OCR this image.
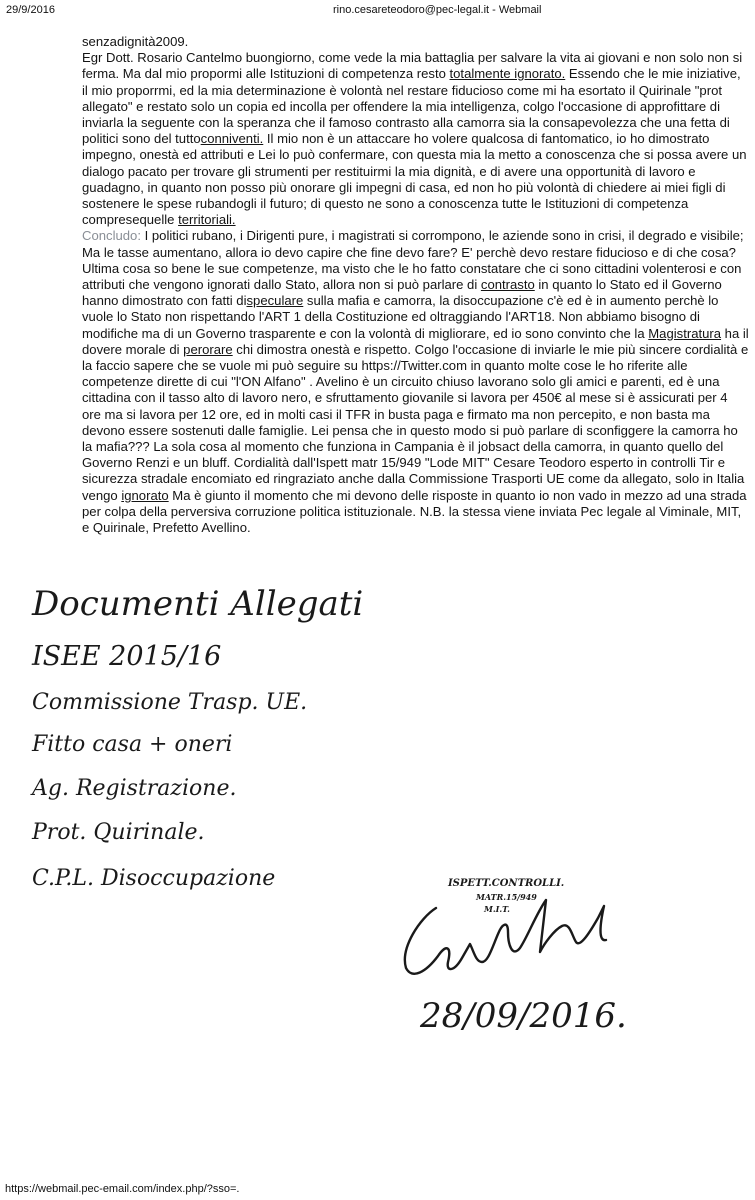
29/9/2016	rino.cesareteodoro@pec-legal.it - Webmail

senzadignità2009.

Egr Dott. Rosario Cantelmo buongiorno, come vede la mia battaglia per salvare la vita ai giovani e non solo non si ferma. Ma dal mio propormi alle Istituzioni di competenza resto totalmente ignorato. Essendo che le mie iniziative, il mio proporrmi, ed la mia determinazione è volontà nel restare fiducioso come mi ha esortato il Quirinale "prot allegato" e restato solo un copia ed incolla per offendere la mia intelligenza, colgo l'occasione di approfittare di inviarla la seguente con la speranza che il famoso contrasto alla camorra sia la consapevolezza che una fetta di politici sono del tuttoconniventi. Il mio non è un attaccare ho volere qualcosa di fantomatico, io ho dimostrato impegno, onestà ed attributi e Lei lo può confermare, con questa mia la metto a conoscenza che si possa avere un dialogo pacato per trovare gli strumenti per restituirmi la mia dignità, e di avere una opportunità di lavoro e guadagno, in quanto non posso più onorare gli impegni di casa, ed non ho più volontà di chiedere ai miei figli di sostenere le spese rubandogli il futuro; di questo ne sono a conoscenza tutte le Istituzioni di competenza compresequelle territoriali.

Concludo: I politici rubano, i Dirigenti pure, i magistrati si corrompono, le aziende sono in crisi, il degrado e visibile; Ma le tasse aumentano, allora io devo capire che fine devo fare? E' perchè devo restare fiducioso e di che cosa? Ultima cosa so bene le sue competenze, ma visto che le ho fatto constatare che ci sono cittadini volenterosi e con attributi che vengono ignorati dallo Stato, allora non si può parlare di contrasto in quanto lo Stato ed il Governo hanno dimostrato con fatti dispeculare sulla mafia e camorra, la disoccupazione c'è ed è in aumento perchè lo vuole lo Stato non rispettando l'ART 1 della Costituzione ed oltraggiando l'ART18. Non abbiamo bisogno di modifiche ma di un Governo trasparente e con la volontà di migliorare, ed io sono convinto che la Magistratura ha il dovere morale di perorare chi dimostra onestà e rispetto. Colgo l'occasione di inviarle le mie più sincere cordialità e la faccio sapere che se vuole mi può seguire su https://Twitter.com in quanto molte cose le ho riferite alle competenze dirette di cui "l'ON Alfano" . Avelino è un circuito chiuso lavorano solo gli amici e parenti, ed è una cittadina con il tasso alto di lavoro nero, e sfruttamento giovanile si lavora per 450€ al mese si è assicurati per 4 ore ma si lavora per 12 ore, ed in molti casi il TFR in busta paga e firmato ma non percepito, e non basta ma devono essere sostenuti dalle famiglie. Lei pensa che in questo modo si può parlare di sconfiggere la camorra ho la mafia??? La sola cosa al momento che funziona in Campania è il jobsact della camorra, in quanto quello del Governo Renzi e un bluff. Cordialità dall'Ispett matr 15/949 "Lode MIT" Cesare Teodoro esperto in controlli Tir e sicurezza stradale encomiato ed ringraziato anche dalla Commissione Trasporti UE come da allegato, solo in Italia vengo ignorato Ma è giunto il momento che mi devono delle risposte in quanto io non vado in mezzo ad una strada per colpa della perversiva corruzione politica istituzionale. N.B. la stessa viene inviata Pec legale al Viminale, MIT, e Quirinale, Prefetto Avellino.

Documenti Allegati
ISEE 2015/16
Commissione Trasp. UE.
Fitto casa + oneri
Ag. Registrazione.
Prot. Quirinale.
C.P.L. Disoccupazione	ISPETT.CONTROLLI.
MATR.15/949
M.I.T.
28/09/2016.
https://webmail.pec-email.com/index.php/?sso=.
